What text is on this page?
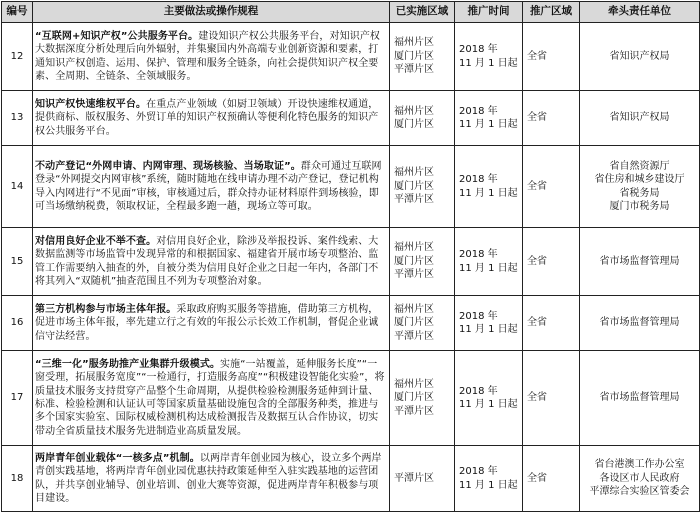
编号	主要做法或操作规程	已实施区域	推广时间	推广区域	牵头责任单位
12	“互联网+知识产权”公共服务平台。建设知识产权公共服务平台，对知识产权大数据深度分析处理后向外辐射，并集聚国内外高端专业创新资源和要素，打通知识产权创造、运用、保护、管理和服务全链条，向社会提供知识产权全要素、全周期、全链条、全领域服务。	福州片区
厦门片区
平潭片区	2018 年
11 月 1 日起	全省	省知识产权局

13	知识产权快速维权平台。在重点产业领域（如厨卫领域）开设快速维权通道，提供商标、版权服务、外贸订单的知识产权预确认等便利化特色服务的知识产权公共服务平台。	福州片区
厦门片区	2018 年
11 月 1 日起	全省	省知识产权局

14	不动产登记“外网申请、内网审理、现场核验、当场取证”。群众可通过互联网登录“外网提交内网审核”系统，随时随地在线申请办理不动产登记，登记机构导入内网进行“不见面”审核，审核通过后，群众持办证材料原件到场核验，即可当场缴纳税费，领取权证，全程最多跑一趟，现场立等可取。	福州片区
厦门片区
平潭片区	2018 年
11 月 1 日起	全省	省自然资源厅
省住房和城乡建设厅
省税务局
厦门市税务局

15	对信用良好企业不举不查。对信用良好企业，除涉及举报投诉、案件线索、大数据监测等市场监管中发现异常的和根据国家、福建省开展市场专项整治、监管工作需要纳入抽查的外，自被分类为信用良好企业之日起一年内，各部门不将其列入“双随机”抽查范围且不列为专项整治对象。	福州片区
厦门片区
平潭片区	2018 年
11 月 1 日起	全省	省市场监督管理局

16	第三方机构参与市场主体年报。采取政府购买服务等措施，借助第三方机构，促进市场主体年报，率先建立行之有效的年报公示长效工作机制，督促企业诚信守法经营。	福州片区
厦门片区
平潭片区	2018 年
11 月 1 日起	全省	省市场监督管理局

17	“三维一化”服务助推产业集群升级模式。实施“一站覆盖，延伸服务长度”“一窗受理，拓展服务宽度”“一检通行，打造服务高度”“积极建设智能化实验”，将质量技术服务支持贯穿产品整个生命周期，从提供检验检测服务延伸到计量、标准、检验检测和认证认可等国家质量基础设施包含的全部服务种类，推进与多个国家实验室、国际权威检测机构达成检测报告及数据互认合作协议，切实带动全省质量技术服务先进制造业高质量发展。	福州片区
厦门片区
平潭片区	2018 年
11 月 1 日起	全省	省市场监督管理局

18	两岸青年创业载体“一核多点”机制。以两岸青年创业园为核心，设立多个两岸青创实践基地，将两岸青年创业园优惠扶持政策延伸至入驻实践基地的运营团队，并共享创业辅导、创业培训、创业大赛等资源，促进两岸青年积极参与项目建设。	平潭片区	2018 年
11 月 1 日起	全省	省台港澳工作办公室
各设区市人民政府
平潭综合实验区管委会
